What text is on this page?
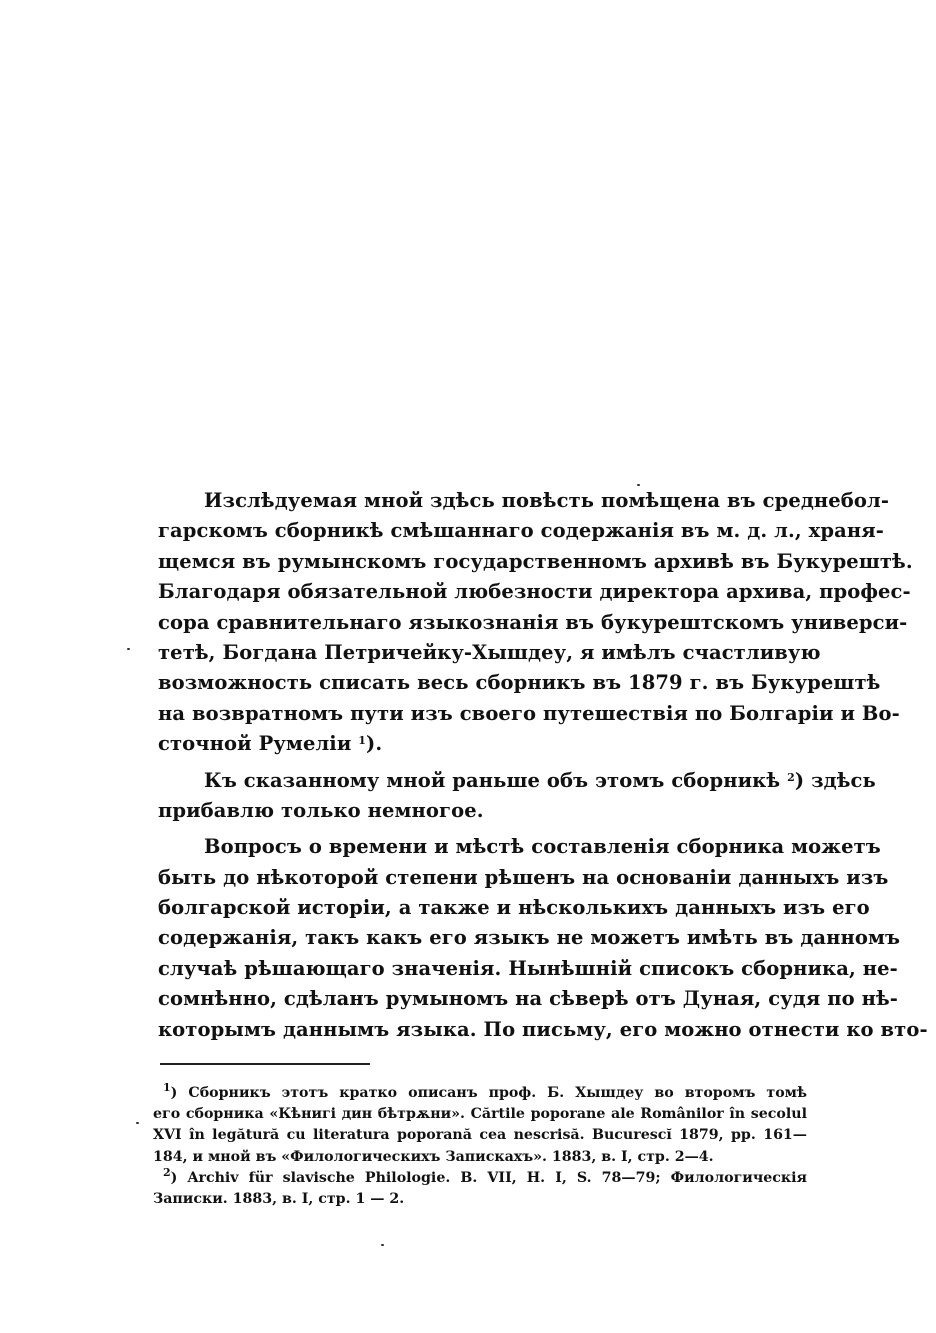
Изслѣдуемая мной здѣсь повѣсть помѣщена въ среднебол-
гарскомъ сборникѣ смѣшаннаго содержанія въ м. д. л., храня-
щемся въ румынскомъ государственномъ архивѣ въ Букурештѣ.
Благодаря обязательной любезности директора архива, профес-
сора сравнительнаго языкознанія въ букурештскомъ универси-
тетѣ, Богдана Петричейку-Хышдеу, я имѣлъ счастливую
возможность списать весь сборникъ въ 1879 г. въ Букурештѣ
на возвратномъ пути изъ своего путешествія по Болгаріи и Во-
сточной Румеліи $^1$).
Къ сказанному мной раньше объ этомъ сборникѣ $^2$) здѣсь
прибавлю только немногое.
Вопросъ о времени и мѣстѣ составленія сборника можетъ
быть до нѣкоторой степени рѣшенъ на основаніи данныхъ изъ
болгарской исторіи, а также и нѣсколькихъ данныхъ изъ его
содержанія, такъ какъ его языкъ не можетъ имѣть въ данномъ
случаѣ рѣшающаго значенія. Нынѣшній списокъ сборника, не-
сомнѣнно, сдѣланъ румыномъ на сѣверѣ отъ Дуная, судя по нѣ-
которымъ даннымъ языка. По письму, его можно отнести ко вто-
$^1$) Сборникъ этотъ кратко описанъ проф. Б. Хышдеу во второмъ томѣ
его сборника «Кѣнигі дин бѣтрѫни». Cărtile poporane ale Românilor în secolul
XVI în legătură cu literatura poporană cea nescrisă. Bucurescĭ 1879, pp. 161—
184, и мной въ «Филологическихъ Запискахъ». 1883, в. I, стр. 2—4.
$^2$) Archiv für slavische Philologie. B. VII, H. I, S. 78—79; Филологическія
Записки. 1883, в. I, стр. 1 — 2.
